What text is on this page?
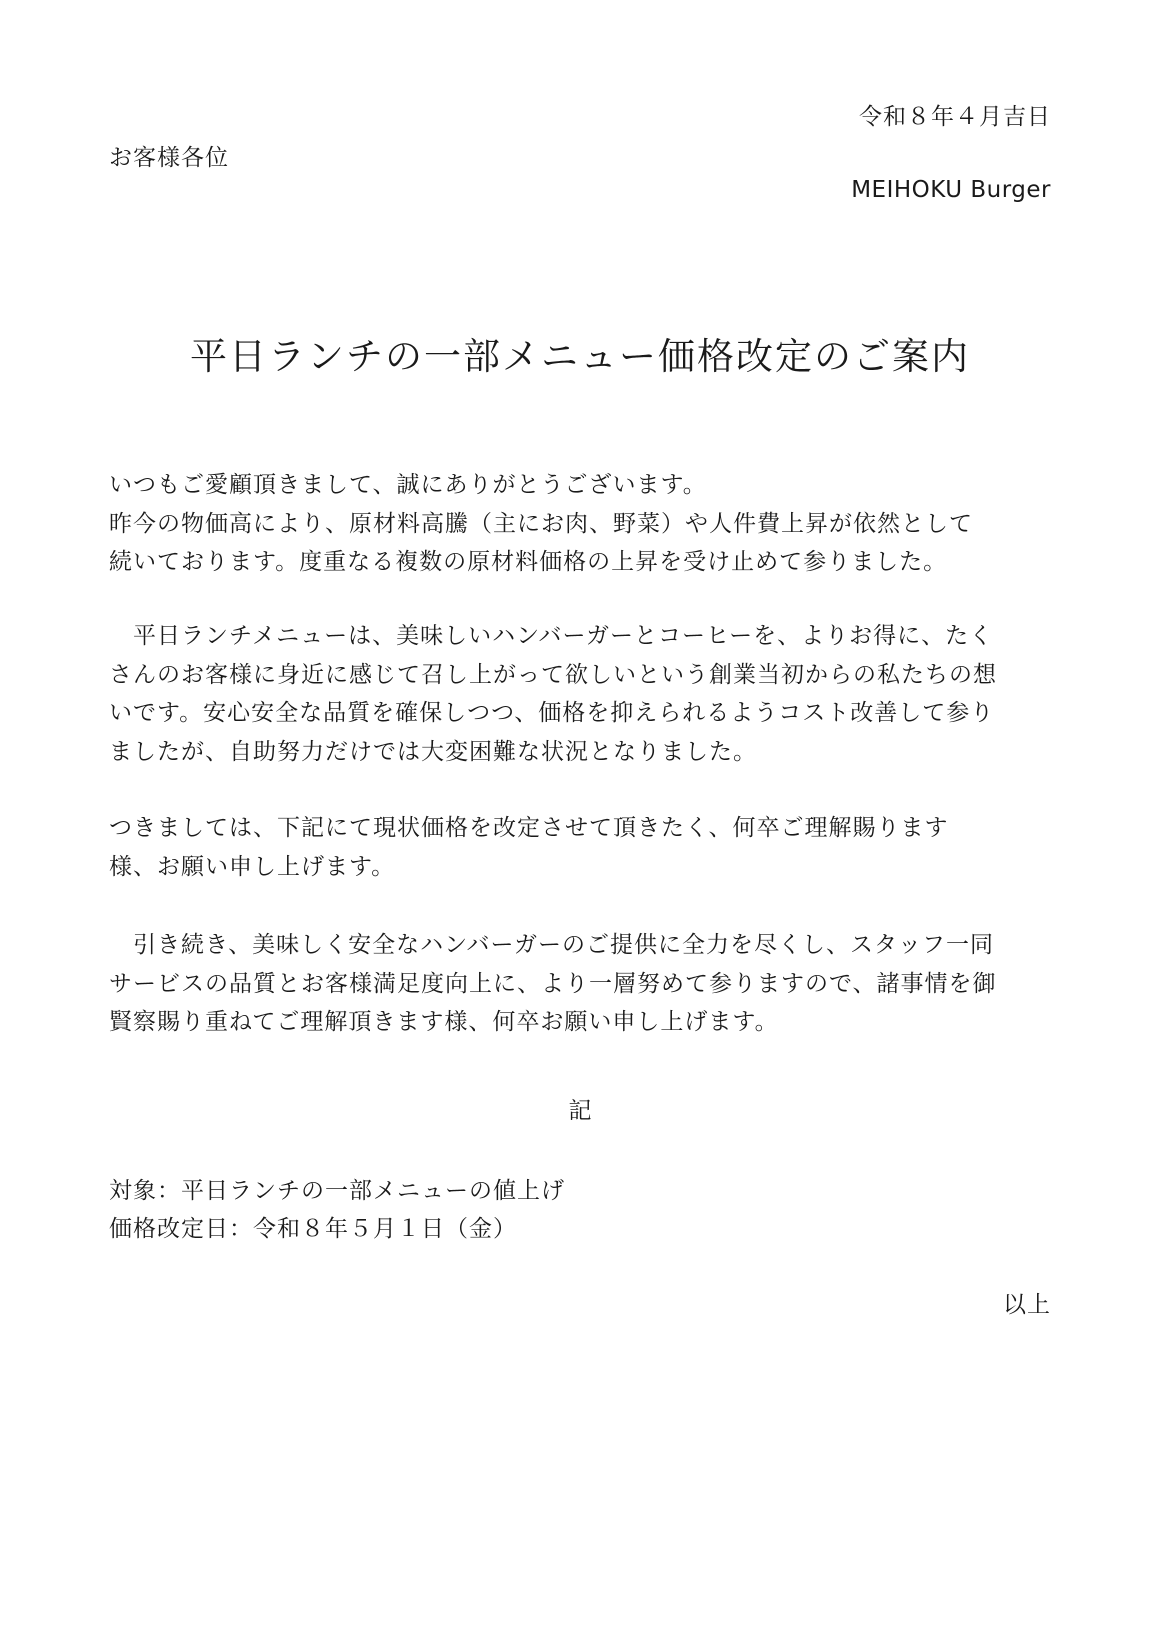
令和８年４月吉日

お客様各位

MEIHOKU Burger

平日ランチの一部メニュー価格改定のご案内
いつもご愛顧頂きまして、誠にありがとうございます。
昨今の物価高により、原材料高騰（主にお肉、野菜）や人件費上昇が依然として
続いております。度重なる複数の原材料価格の上昇を受け止めて参りました。
　平日ランチメニューは、美味しいハンバーガーとコーヒーを、よりお得に、たく
さんのお客様に身近に感じて召し上がって欲しいという創業当初からの私たちの想
いです。安心安全な品質を確保しつつ、価格を抑えられるようコスト改善して参り
ましたが、自助努力だけでは大変困難な状況となりました。
つきましては、下記にて現状価格を改定させて頂きたく、何卒ご理解賜ります
様、お願い申し上げます。
　引き続き、美味しく安全なハンバーガーのご提供に全力を尽くし、スタッフ一同
サービスの品質とお客様満足度向上に、より一層努めて参りますので、諸事情を御
賢察賜り重ねてご理解頂きます様、何卒お願い申し上げます。

記

対象：平日ランチの一部メニューの値上げ
価格改定日：令和８年５月１日（金）

以上
